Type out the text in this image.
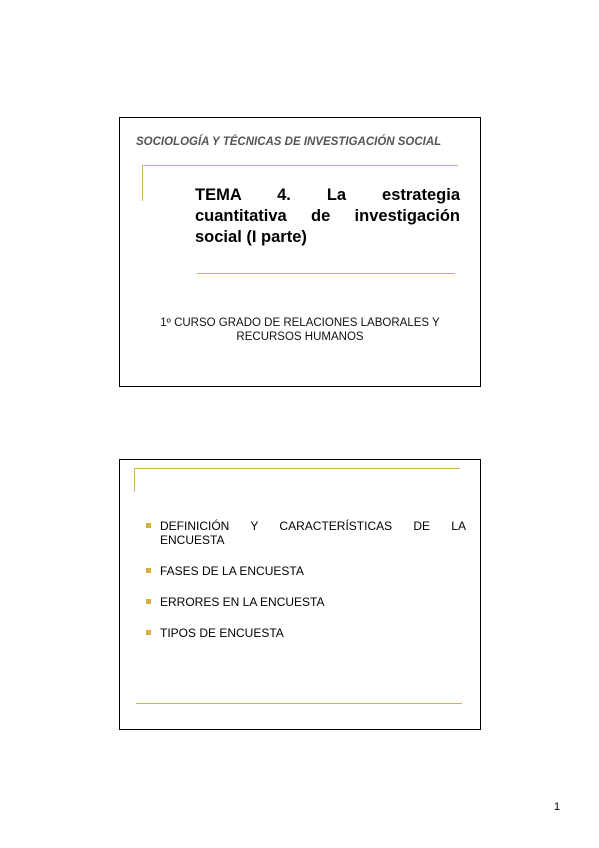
SOCIOLOGÍA Y TÉCNICAS DE INVESTIGACIÓN SOCIAL
TEMA 4. La estrategia
cuantitativa de investigación
social (I parte)
1º CURSO GRADO DE RELACIONES LABORALES Y
RECURSOS HUMANOS
DEFINICIÓN Y CARACTERÍSTICAS DE LA
ENCUESTA
FASES DE LA ENCUESTA
ERRORES EN LA ENCUESTA
TIPOS DE ENCUESTA
1
